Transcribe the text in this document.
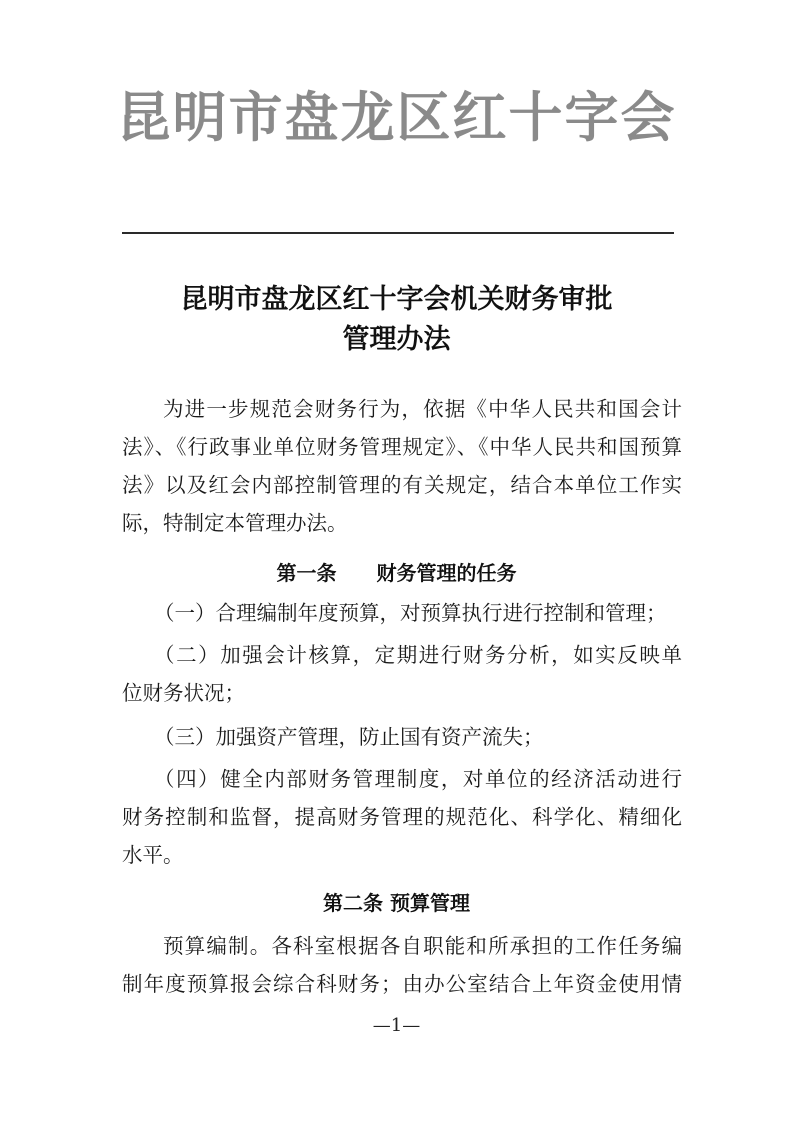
昆明市盘龙区红十字会
昆明市盘龙区红十字会机关财务审批
管理办法
为进一步规范会财务行为，依据《中华人民共和国会计
法》、《行政事业单位财务管理规定》、《中华人民共和国预算
法》以及红会内部控制管理的有关规定，结合本单位工作实
际，特制定本管理办法。
第一条　　财务管理的任务
（一）合理编制年度预算，对预算执行进行控制和管理；
（二）加强会计核算，定期进行财务分析，如实反映单
位财务状况；
（三）加强资产管理，防止国有资产流失；
（四）健全内部财务管理制度，对单位的经济活动进行
财务控制和监督，提高财务管理的规范化、科学化、精细化
水平。
第二条 预算管理
预算编制。各科室根据各自职能和所承担的工作任务编
制年度预算报会综合科财务；由办公室结合上年资金使用情
—1—
